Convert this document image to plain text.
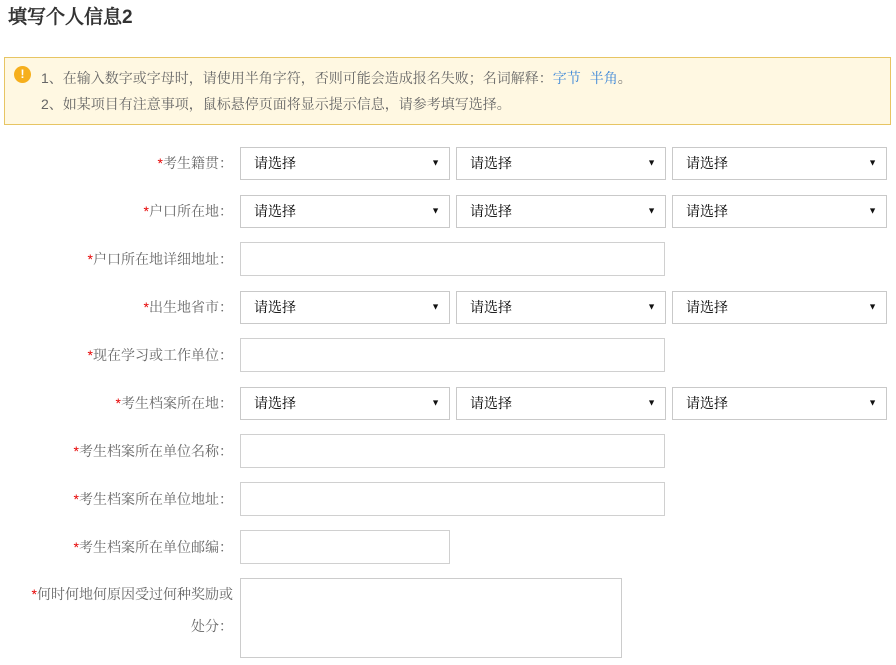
填写个人信息2
!	1、在输入数字或字母时，请使用半角字符，否则可能会造成报名失败；名词解释：字节 半角。
2、如某项目有注意事项，鼠标悬停页面将显示提示信息，请参考填写选择。
*考生籍贯： 请选择	▼ 请选择	▼ 请选择	▼
*户口所在地： 请选择	▼ 请选择	▼ 请选择	▼
*户口所在地详细地址：
*出生地省市： 请选择	▼ 请选择	▼ 请选择	▼
*现在学习或工作单位：
*考生档案所在地： 请选择	▼ 请选择	▼ 请选择	▼
*考生档案所在单位名称：
*考生档案所在单位地址：
*考生档案所在单位邮编：
*何时何地何原因受过何种奖励或处分：
